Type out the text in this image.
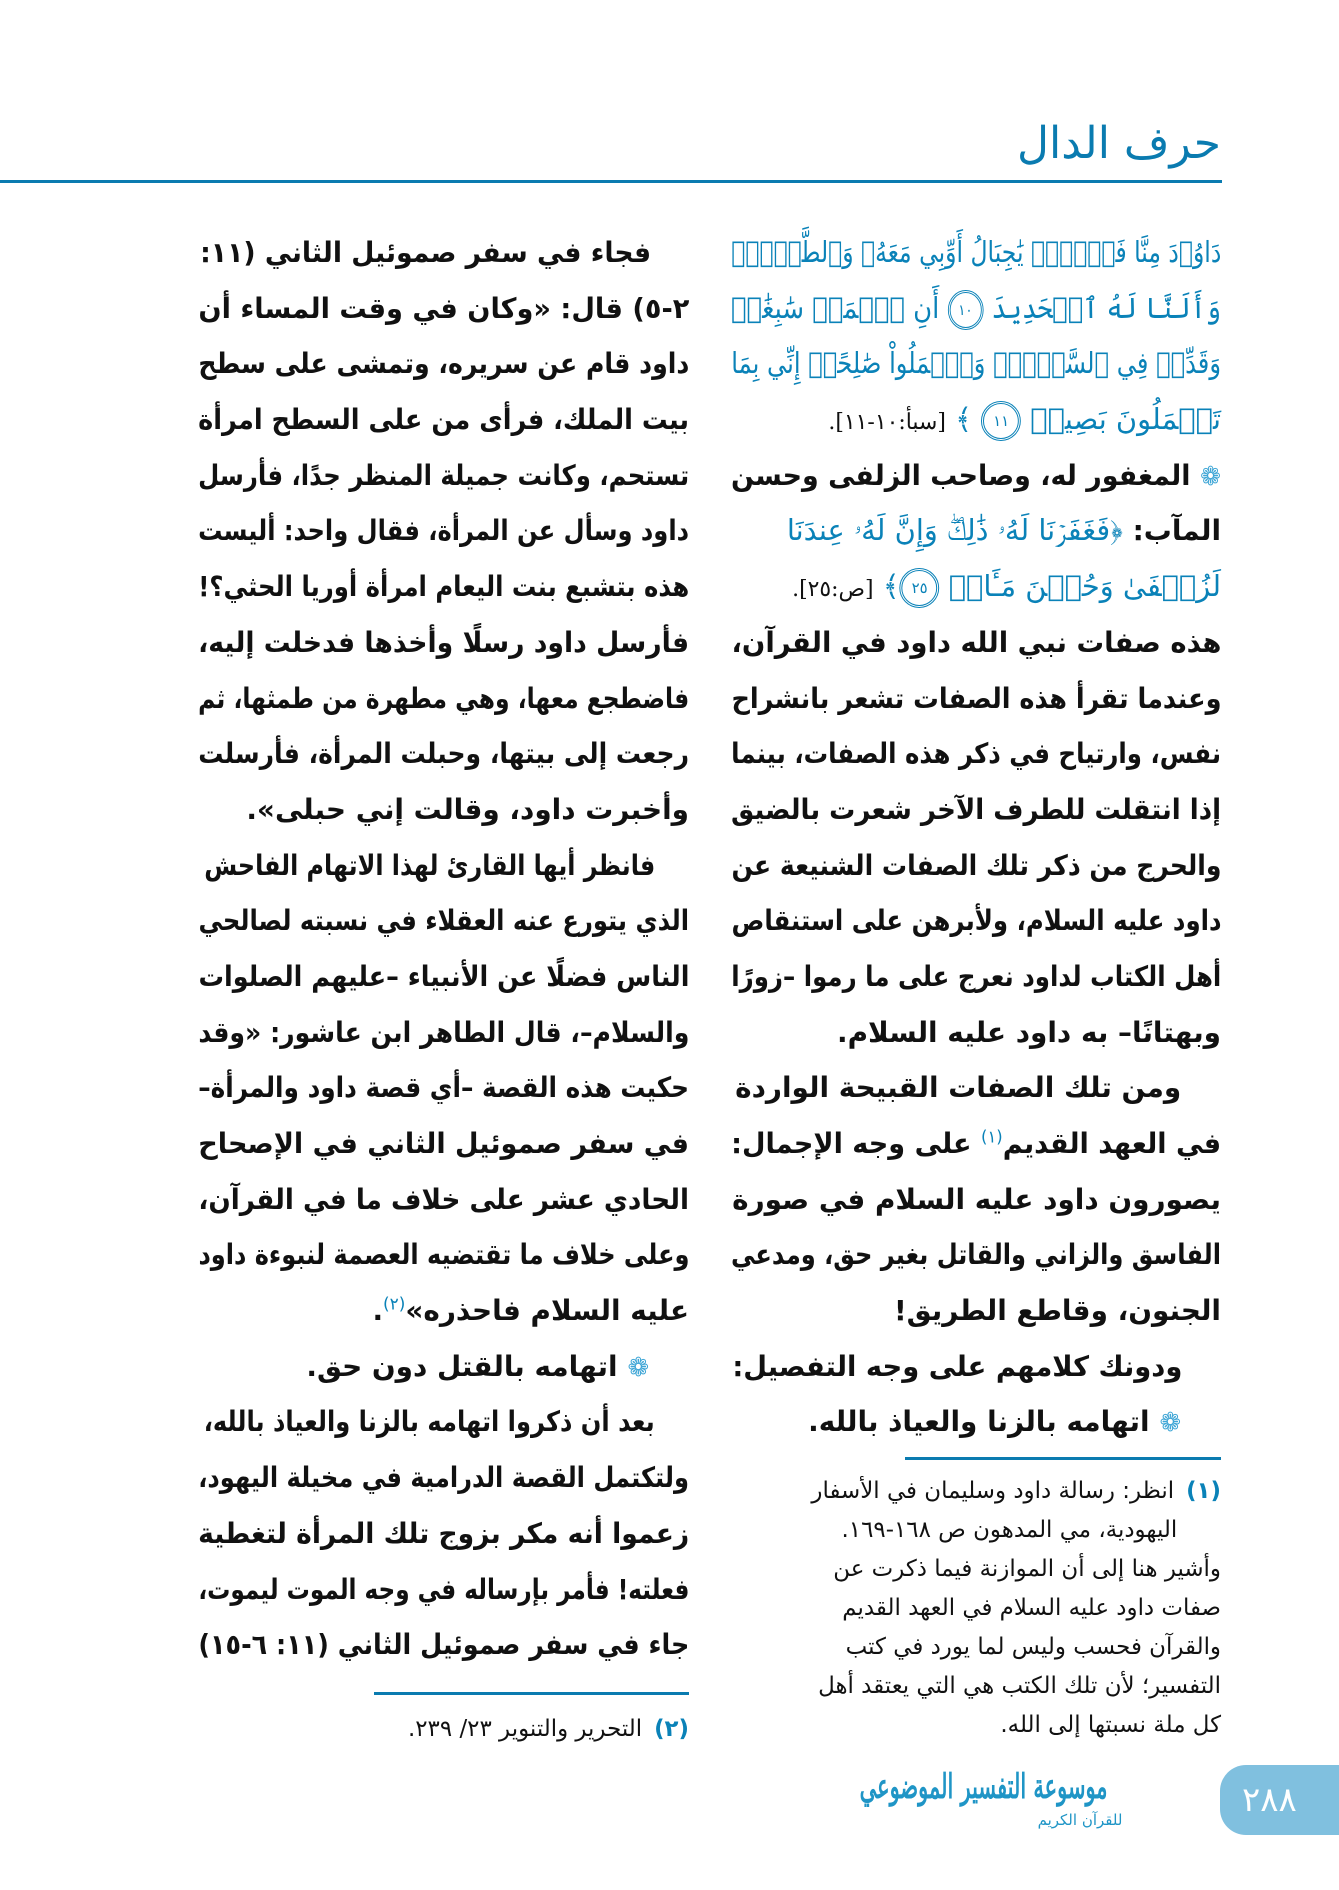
حرف الدال
دَاوُۥدَ مِنَّا فَضۡلٗاۖ يَٰجِبَالُ أَوِّبِي مَعَهُۥ وَٱلطَّيۡرَۖ
وَأَلَنَّا لَهُ ٱلۡحَدِيدَ ١٠ أَنِ ٱعۡمَلۡ سَٰبِغَٰتٖ
وَقَدِّرۡ فِي ٱلسَّرۡدِۖ وَٱعۡمَلُواْ صَٰلِحًاۖ إِنِّي بِمَا
تَعۡمَلُونَ بَصِيرٞ ١١ ﴾ [سبأ:١٠-١١].
❁المغفور له، وصاحب الزلفى وحسن
المآب: ﴿فَغَفَرۡنَا لَهُۥ ذَٰلِكَۖ وَإِنَّ لَهُۥ عِندَنَا
لَزُلۡفَىٰ وَحُسۡنَ مَـَٔابٖ ٢٥﴾ [ص:٢٥].
هذه صفات نبي الله داود في القرآن،
وعندما تقرأ هذه الصفات تشعر بانشراح
نفس، وارتياح في ذكر هذه الصفات، بينما
إذا انتقلت للطرف الآخر شعرت بالضيق
والحرج من ذكر تلك الصفات الشنيعة عن
داود عليه السلام، ولأبرهن على استنقاص
أهل الكتاب لداود نعرج على ما رموا –زورًا
وبهتانًا– به داود عليه السلام.
ومن تلك الصفات القبيحة الواردة
في العهد القديم$^{(١)}$ على وجه الإجمال:
يصورون داود عليه السلام في صورة
الفاسق والزاني والقاتل بغير حق، ومدعي
الجنون، وقاطع الطريق!
ودونك كلامهم على وجه التفصيل:
❁اتهامه بالزنا والعياذ بالله.
فجاء في سفر صموئيل الثاني (١١:
٢-٥) قال: «وكان في وقت المساء أن
داود قام عن سريره، وتمشى على سطح
بيت الملك، فرأى من على السطح امرأة
تستحم، وكانت جميلة المنظر جدًا، فأرسل
داود وسأل عن المرأة، فقال واحد: أليست
هذه بتشبع بنت اليعام امرأة أوريا الحثي؟!
فأرسل داود رسلًا وأخذها فدخلت إليه،
فاضطجع معها، وهي مطهرة من طمثها، ثم
رجعت إلى بيتها، وحبلت المرأة، فأرسلت
وأخبرت داود، وقالت إني حبلى».
فانظر أيها القارئ لهذا الاتهام الفاحش
الذي يتورع عنه العقلاء في نسبته لصالحي
الناس فضلًا عن الأنبياء –عليهم الصلوات
والسلام–، قال الطاهر ابن عاشور: «وقد
حكيت هذه القصة –أي قصة داود والمرأة–
في سفر صموئيل الثاني في الإصحاح
الحادي عشر على خلاف ما في القرآن،
وعلى خلاف ما تقتضيه العصمة لنبوءة داود
عليه السلام فاحذره»$^{(٢)}$.
❁اتهامه بالقتل دون حق.
بعد أن ذكروا اتهامه بالزنا والعياذ بالله،
ولتكتمل القصة الدرامية في مخيلة اليهود،
زعموا أنه مكر بزوج تلك المرأة لتغطية
فعلته! فأمر بإرساله في وجه الموت ليموت،
جاء في سفر صموئيل الثاني (١١: ٦-١٥)
(١)انظر: رسالة داود وسليمان في الأسفار
اليهودية، مي المدهون ص ١٦٨-١٦٩.
وأشير هنا إلى أن الموازنة فيما ذكرت عن
صفات داود عليه السلام في العهد القديم
والقرآن فحسب وليس لما يورد في كتب
التفسير؛ لأن تلك الكتب هي التي يعتقد أهل
كل ملة نسبتها إلى الله.
(٢)التحرير والتنوير ٢٣/ ٢٣٩.
موسوعة التفسير الموضوعي
للقرآن الكريم	٢٨٨
